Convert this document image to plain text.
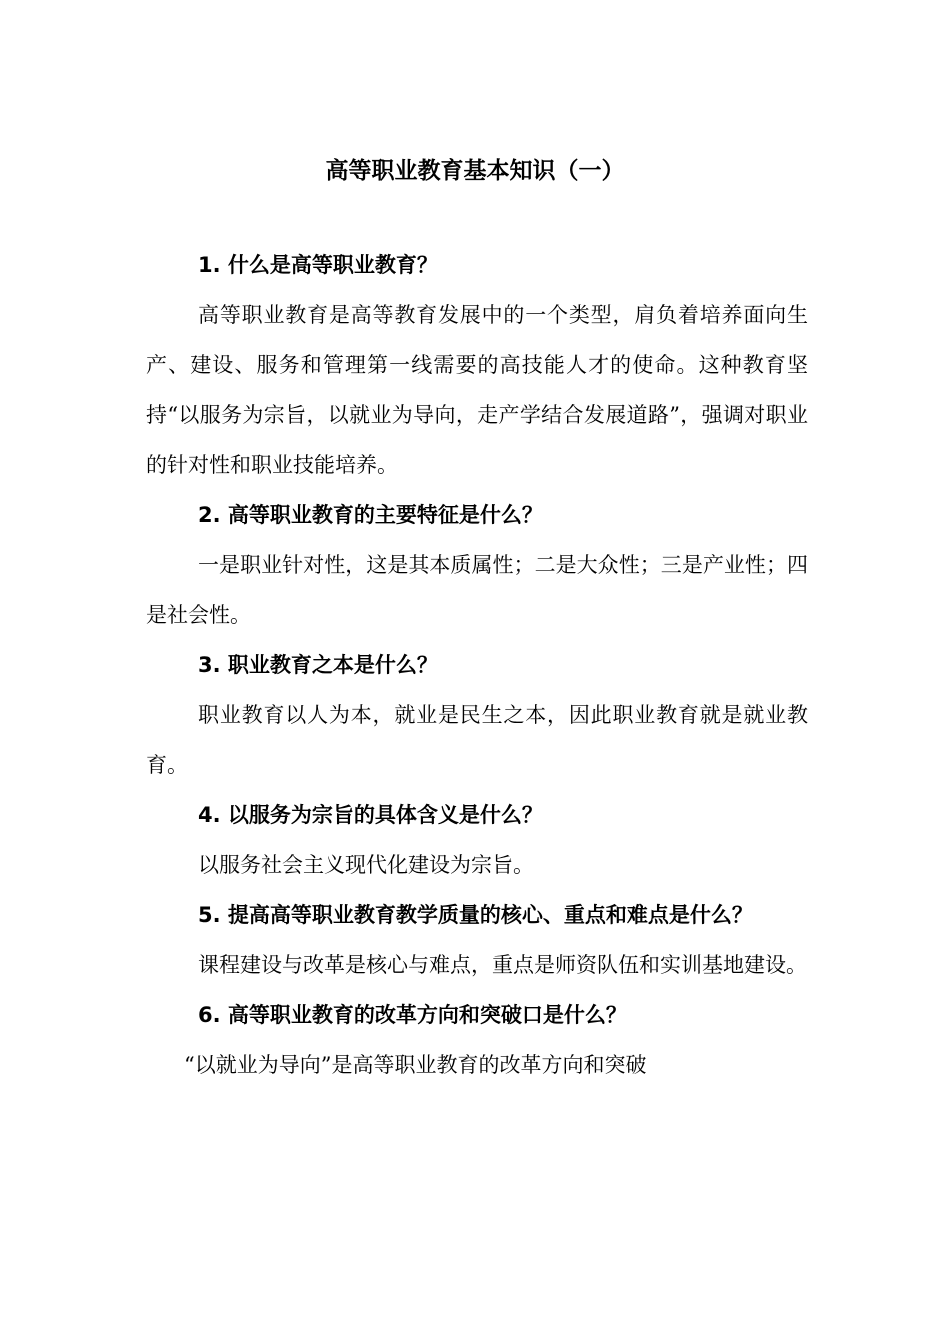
高等职业教育基本知识（一）
1. 什么是高等职业教育？
高等职业教育是高等教育发展中的一个类型，肩负着培养面向生产、建设、服务和管理第一线需要的高技能人才的使命。这种教育坚持“以服务为宗旨，以就业为导向，走产学结合发展道路”，强调对职业的针对性和职业技能培养。
2. 高等职业教育的主要特征是什么？
一是职业针对性，这是其本质属性；二是大众性；三是产业性；四是社会性。
3. 职业教育之本是什么？
职业教育以人为本，就业是民生之本，因此职业教育就是就业教育。
4. 以服务为宗旨的具体含义是什么？
以服务社会主义现代化建设为宗旨。
5. 提高高等职业教育教学质量的核心、重点和难点是什么？
课程建设与改革是核心与难点，重点是师资队伍和实训基地建设。
6. 高等职业教育的改革方向和突破口是什么？
“以就业为导向”是高等职业教育的改革方向和突破
